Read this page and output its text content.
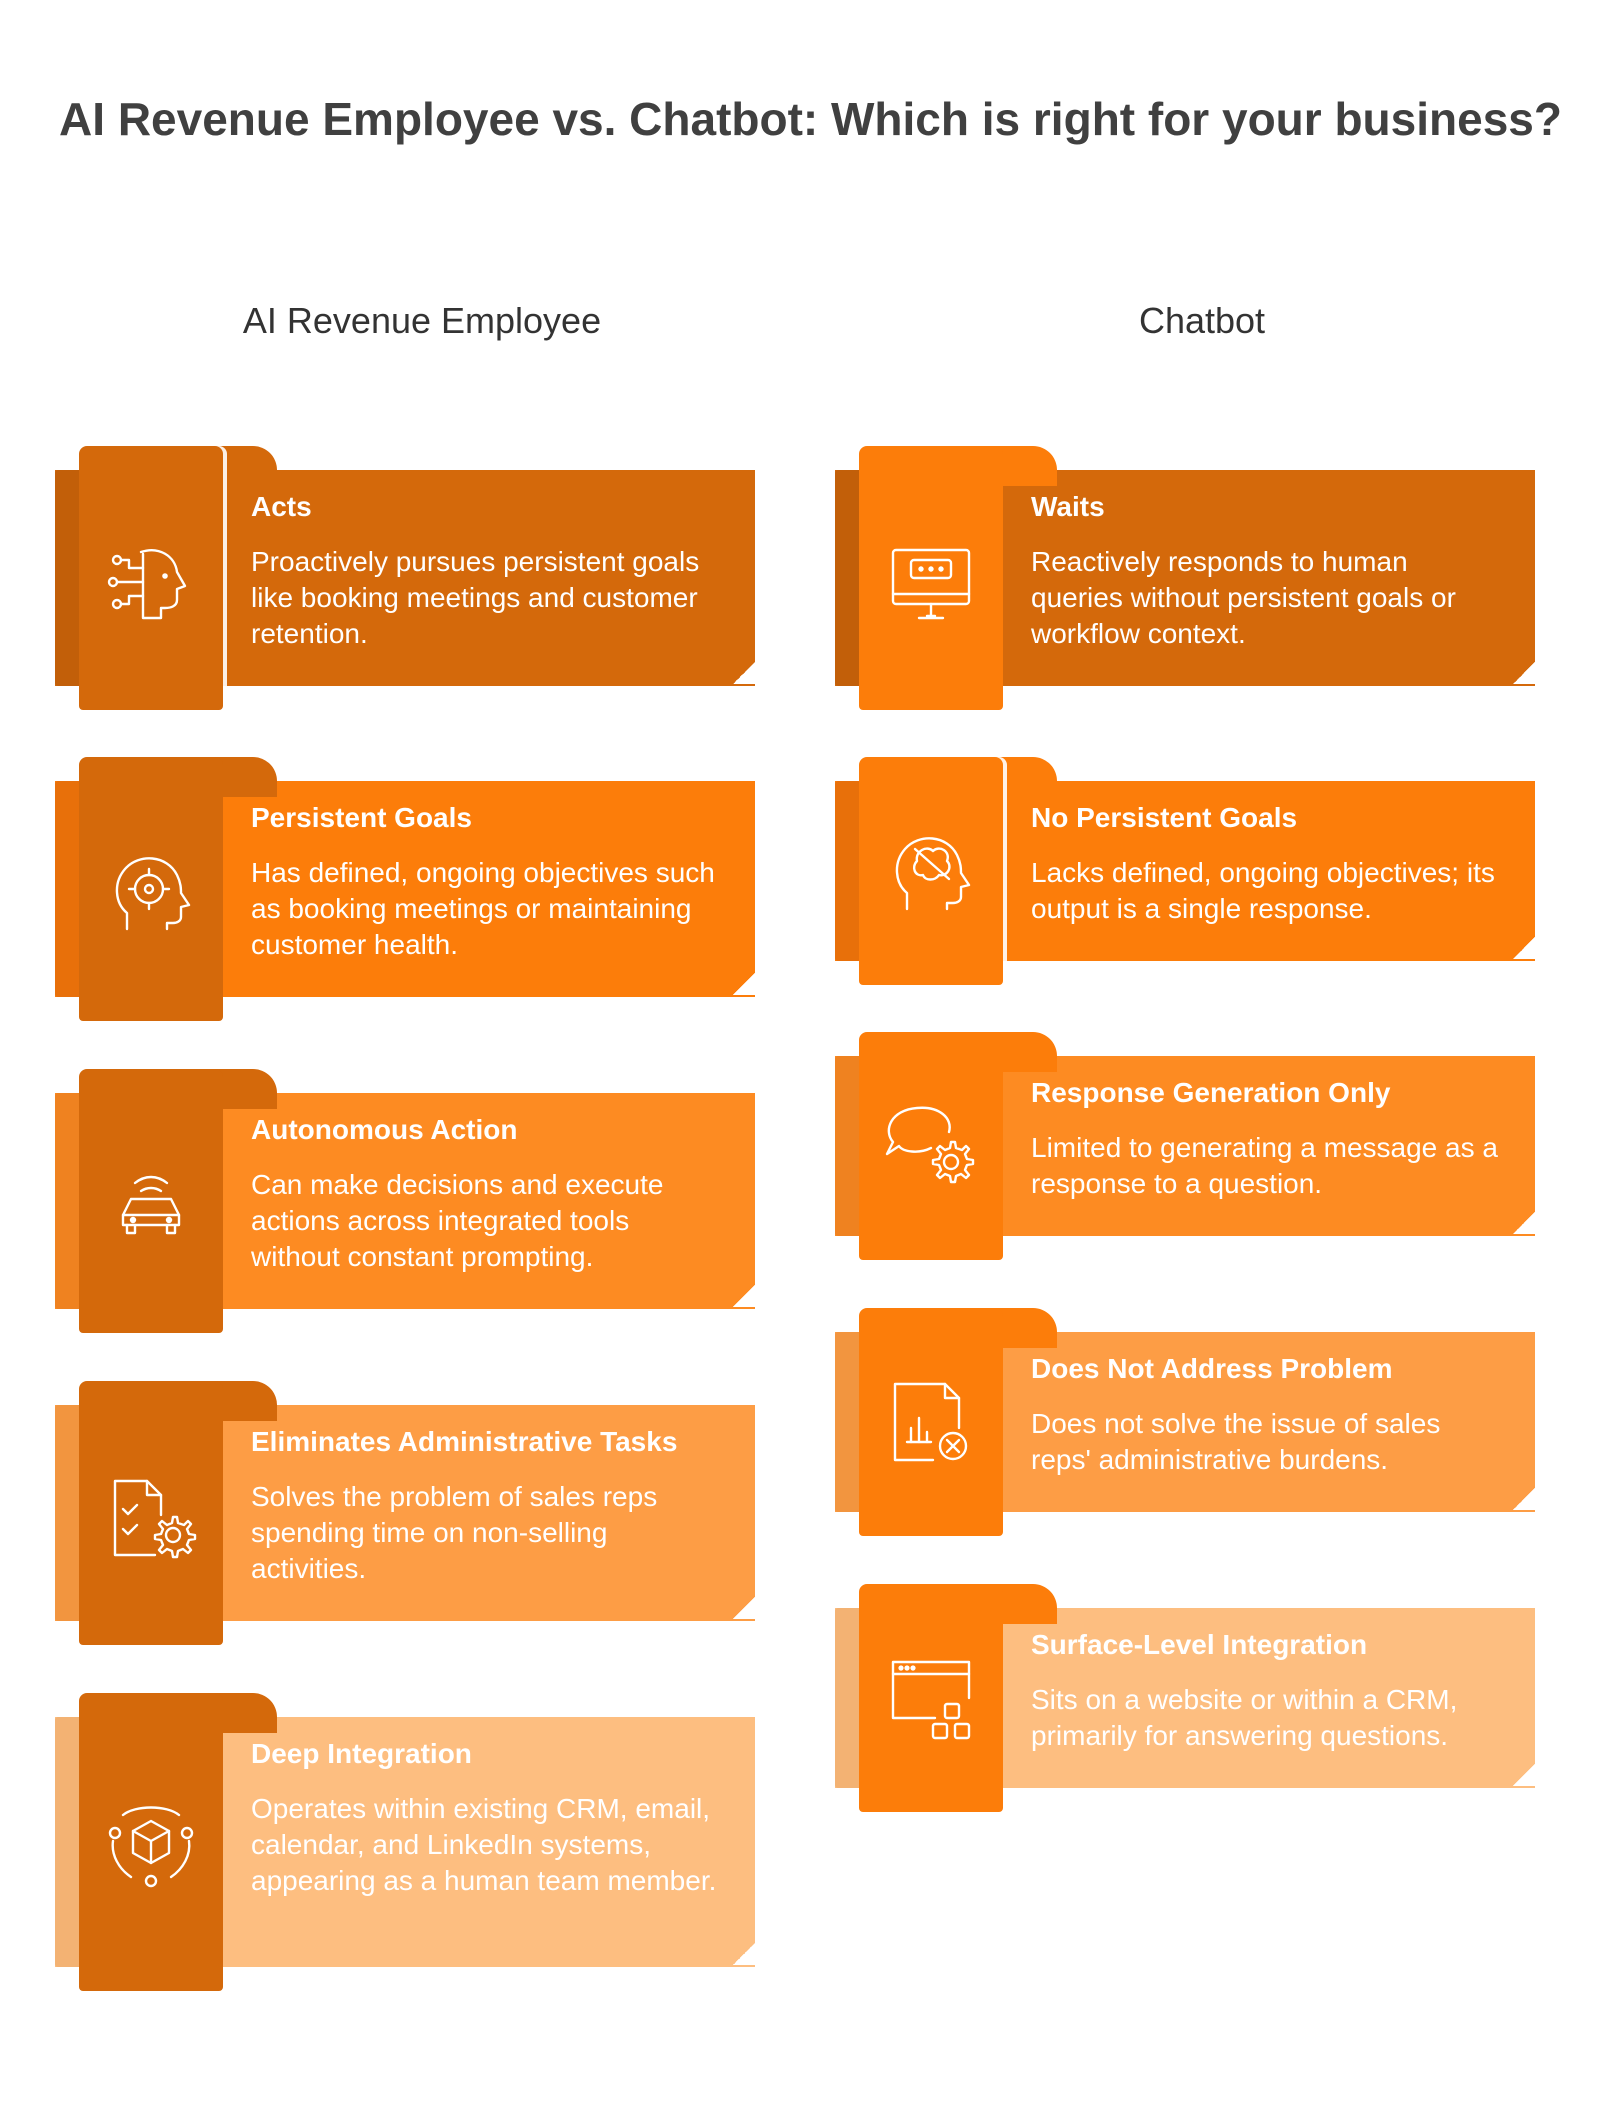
AI Revenue Employee vs. Chatbot: Which is right for your business?
AI Revenue Employee	Chatbot

Acts

Proactively pursues persistent goals like booking meetings and customer retention.

Persistent Goals

Has defined, ongoing objectives such as booking meetings or maintaining customer health.

Autonomous Action

Can make decisions and execute actions across integrated tools without constant prompting.

Eliminates Administrative Tasks

Solves the problem of sales reps spending time on non-selling activities.

Deep Integration

Operates within existing CRM, email, calendar, and LinkedIn systems, appearing as a human team member.

Waits

Reactively responds to human queries without persistent goals or workflow context.

No Persistent Goals

Lacks defined, ongoing objectives; its output is a single response.

Response Generation Only

Limited to generating a message as a response to a question.

Does Not Address Problem

Does not solve the issue of sales reps' administrative burdens.

Surface-Level Integration

Sits on a website or within a CRM, primarily for answering questions.
